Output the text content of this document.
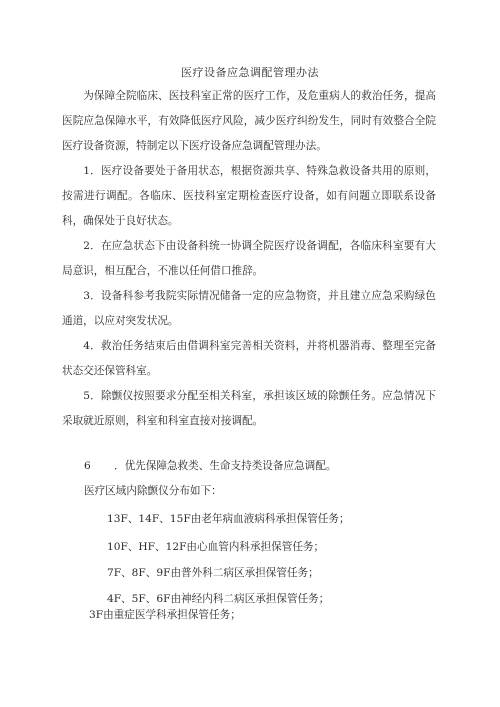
医疗设备应急调配管理办法

为保障全院临床、医技科室正常的医疗工作，及危重病人的救治任务，提高医院应急保障水平，有效降低医疗风险，减少医疗纠纷发生，同时有效整合全院医疗设备资源，特制定以下医疗设备应急调配管理办法。

1．医疗设备要处于备用状态，根据资源共享、特殊急救设备共用的原则，按需进行调配。各临床、医技科室定期检查医疗设备，如有问题立即联系设备科，确保处于良好状态。

2．在应急状态下由设备科统一协调全院医疗设备调配，各临床科室要有大局意识，相互配合，不准以任何借口推辞。

3．设备科参考我院实际情况储备一定的应急物资，并且建立应急采购绿色通道，以应对突发状况。

4．救治任务结束后由借调科室完善相关资料，并将机器消毒、整理至完备状态交还保管科室。

5．除颤仪按照要求分配至相关科室，承担该区域的除颤任务。应急情况下采取就近原则，科室和科室直接对接调配。

6 ．优先保障急救类、生命支持类设备应急调配。
医疗区域内除颤仪分布如下：
13F、14F、15F由老年病血液病科承担保管任务；
10F、HF、12F由心血管内科承担保管任务；
7F、8F、9F由普外科二病区承担保管任务；
4F、5F、6F由神经内科二病区承担保管任务；
3F由重症医学科承担保管任务；
